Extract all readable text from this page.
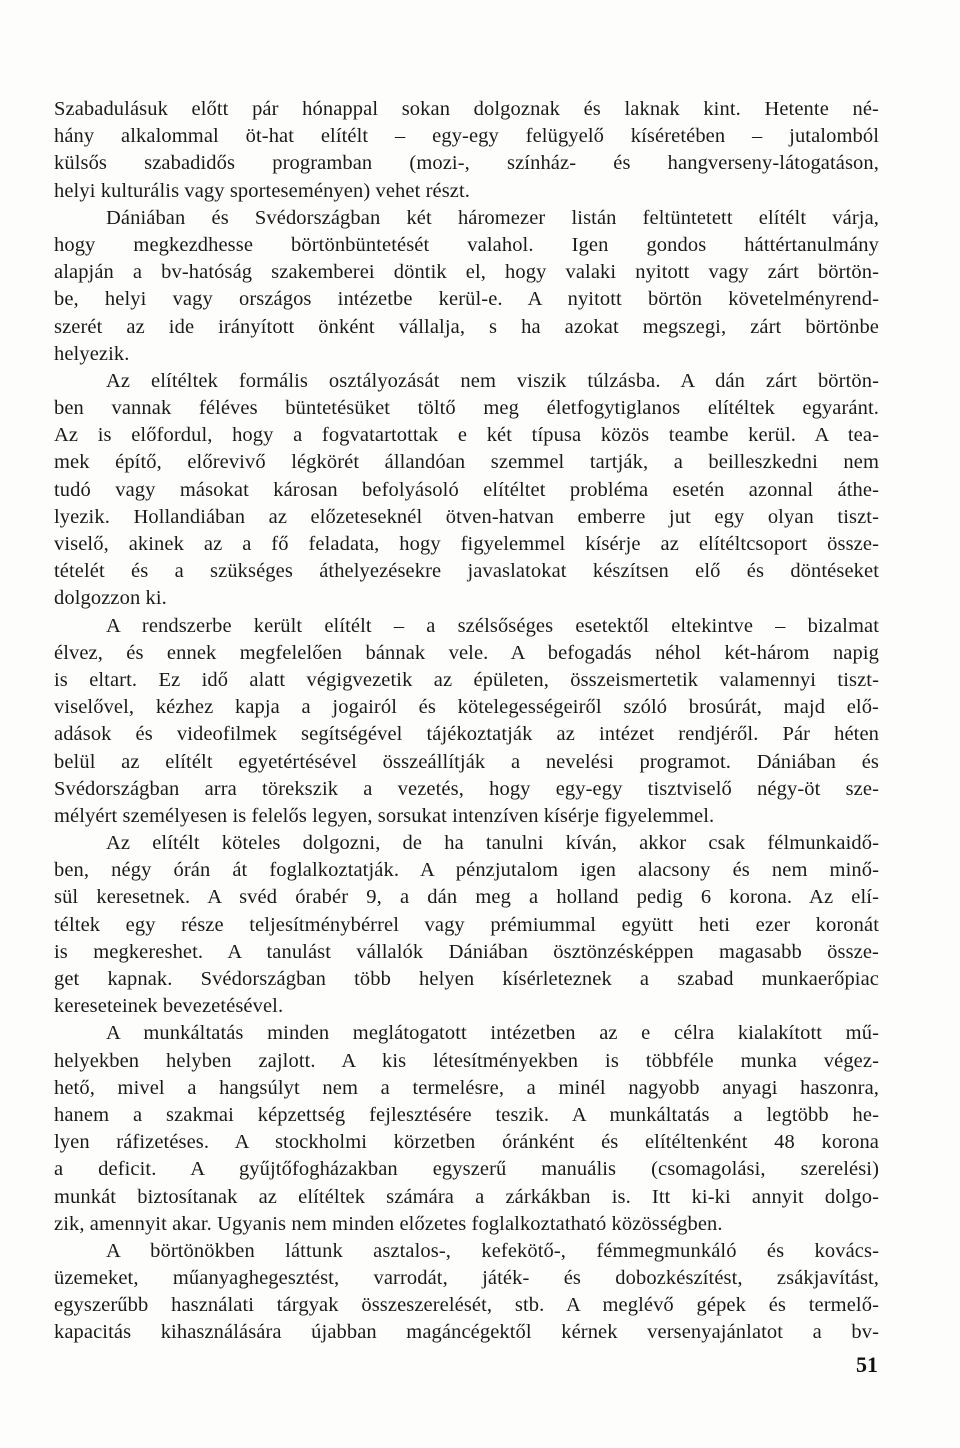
Szabadulásuk előtt pár hónappal sokan dolgoznak és laknak kint. Hetente né-
hány alkalommal öt-hat elítélt – egy-egy felügyelő kíséretében – jutalomból
külsős szabadidős programban (mozi-, színház- és hangverseny-látogatáson,
helyi kulturális vagy sporteseményen) vehet részt.
Dániában és Svédországban két háromezer listán feltüntetett elítélt várja,
hogy megkezdhesse börtönbüntetését valahol. Igen gondos háttértanulmány
alapján a bv-hatóság szakemberei döntik el, hogy valaki nyitott vagy zárt börtön-
be, helyi vagy országos intézetbe kerül-e. A nyitott börtön követelményrend-
szerét az ide irányított önként vállalja, s ha azokat megszegi, zárt börtönbe
helyezik.
Az elítéltek formális osztályozását nem viszik túlzásba. A dán zárt börtön-
ben vannak féléves büntetésüket töltő meg életfogytiglanos elítéltek egyaránt.
Az is előfordul, hogy a fogvatartottak e két típusa közös teambe kerül. A tea-
mek építő, előrevivő légkörét állandóan szemmel tartják, a beilleszkedni nem
tudó vagy másokat károsan befolyásoló elítéltet probléma esetén azonnal áthe-
lyezik. Hollandiában az előzeteseknél ötven-hatvan emberre jut egy olyan tiszt-
viselő, akinek az a fő feladata, hogy figyelemmel kísérje az elítéltcsoport össze-
tételét és a szükséges áthelyezésekre javaslatokat készítsen elő és döntéseket
dolgozzon ki.
A rendszerbe került elítélt – a szélsőséges esetektől eltekintve – bizalmat
élvez, és ennek megfelelően bánnak vele. A befogadás néhol két-három napig
is eltart. Ez idő alatt végigvezetik az épületen, összeismertetik valamennyi tiszt-
viselővel, kézhez kapja a jogairól és kötelegességeiről szóló brosúrát, majd elő-
adások és videofilmek segítségével tájékoztatják az intézet rendjéről. Pár héten
belül az elítélt egyetértésével összeállítják a nevelési programot. Dániában és
Svédországban arra törekszik a vezetés, hogy egy-egy tisztviselő négy-öt sze-
mélyért személyesen is felelős legyen, sorsukat intenzíven kísérje figyelemmel.
Az elítélt köteles dolgozni, de ha tanulni kíván, akkor csak félmunkaidő-
ben, négy órán át foglalkoztatják. A pénzjutalom igen alacsony és nem minő-
sül keresetnek. A svéd órabér 9, a dán meg a holland pedig 6 korona. Az elí-
téltek egy része teljesítménybérrel vagy prémiummal együtt heti ezer koronát
is megkereshet. A tanulást vállalók Dániában ösztönzésképpen magasabb össze-
get kapnak. Svédországban több helyen kísérleteznek a szabad munkaerőpiac
kereseteinek bevezetésével.
A munkáltatás minden meglátogatott intézetben az e célra kialakított mű-
helyekben helyben zajlott. A kis létesítményekben is többféle munka végez-
hető, mivel a hangsúlyt nem a termelésre, a minél nagyobb anyagi haszonra,
hanem a szakmai képzettség fejlesztésére teszik. A munkáltatás a legtöbb he-
lyen ráfizetéses. A stockholmi körzetben óránként és elítéltenként 48 korona
a deficit. A gyűjtőfogházakban egyszerű manuális (csomagolási, szerelési)
munkát biztosítanak az elítéltek számára a zárkákban is. Itt ki-ki annyit dolgo-
zik, amennyit akar. Ugyanis nem minden előzetes foglalkoztatható közösségben.
A börtönökben láttunk asztalos-, kefekötő-, fémmegmunkáló és kovács-
üzemeket, műanyaghegesztést, varrodát, játék- és dobozkészítést, zsákjavítást,
egyszerűbb használati tárgyak összeszerelését, stb. A meglévő gépek és termelő-
kapacitás kihasználására újabban magáncégektől kérnek versenyajánlatot a bv-
51
